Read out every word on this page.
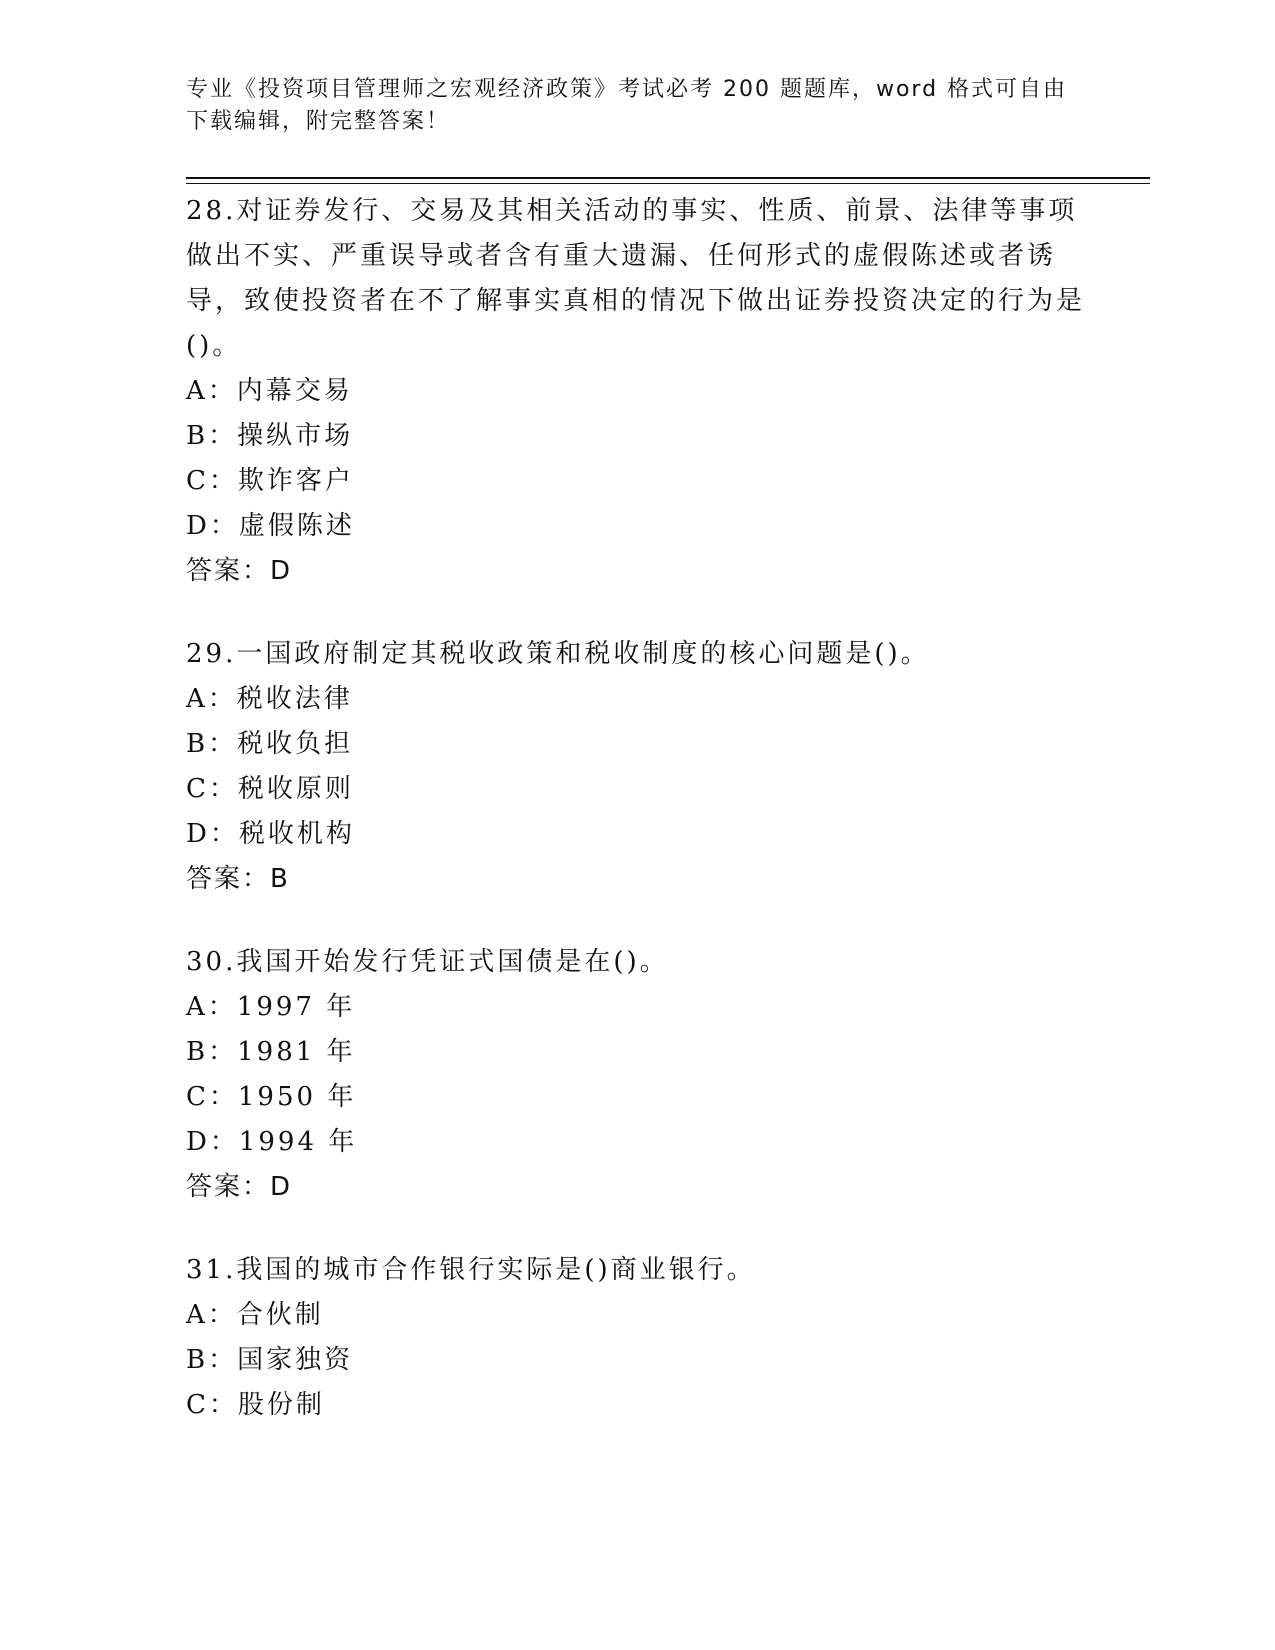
专业《投资项目管理师之宏观经济政策》考试必考 200 题题库，word 格式可自由
下载编辑，附完整答案！

28.对证券发行、交易及其相关活动的事实、性质、前景、法律等事项做出不实、严重误导或者含有重大遗漏、任何形式的虚假陈述或者诱导，致使投资者在不了解事实真相的情况下做出证券投资决定的行为是()。

A：内幕交易

B：操纵市场

C：欺诈客户

D：虚假陈述

答案：D

29.一国政府制定其税收政策和税收制度的核心问题是()。

A：税收法律

B：税收负担

C：税收原则

D：税收机构

答案：B

30.我国开始发行凭证式国债是在()。

A：1997 年

B：1981 年

C：1950 年

D：1994 年

答案：D

31.我国的城市合作银行实际是()商业银行。

A：合伙制

B：国家独资

C：股份制
